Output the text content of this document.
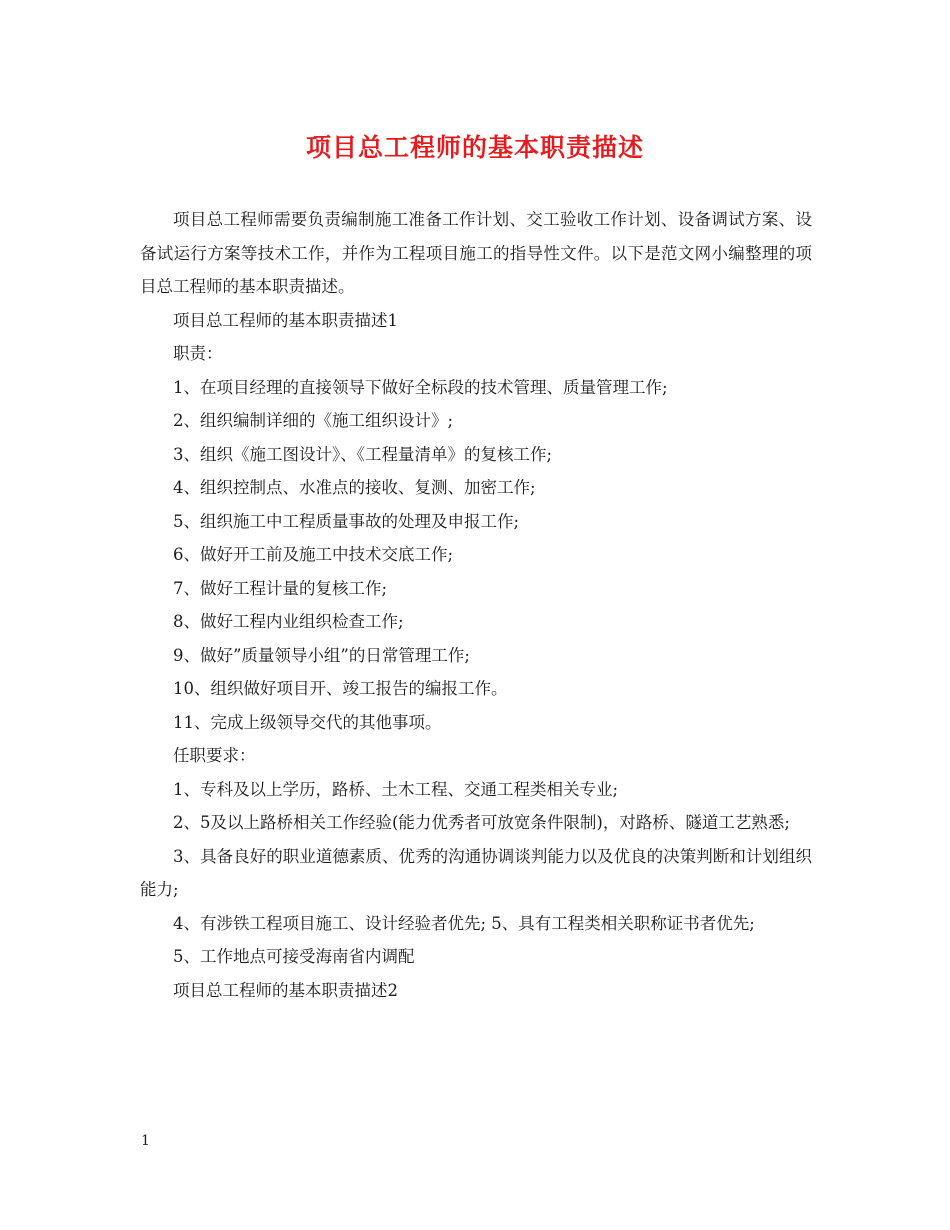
项目总工程师的基本职责描述

项目总工程师需要负责编制施工准备工作计划、交工验收工作计划、设备调试方案、设备试运行方案等技术工作，并作为工程项目施工的指导性文件。以下是范文网小编整理的项目总工程师的基本职责描述。

项目总工程师的基本职责描述1

职责：

1、在项目经理的直接领导下做好全标段的技术管理、质量管理工作;

2、组织编制详细的《施工组织设计》;

3、组织《施工图设计》、《工程量清单》的复核工作;

4、组织控制点、水准点的接收、复测、加密工作;

5、组织施工中工程质量事故的处理及申报工作;

6、做好开工前及施工中技术交底工作;

7、做好工程计量的复核工作;

8、做好工程内业组织检查工作;

9、做好”质量领导小组”的日常管理工作;

10、组织做好项目开、竣工报告的编报工作。

11、完成上级领导交代的其他事项。

任职要求：

1、专科及以上学历，路桥、土木工程、交通工程类相关专业;

2、5及以上路桥相关工作经验(能力优秀者可放宽条件限制)，对路桥、隧道工艺熟悉;

3、具备良好的职业道德素质、优秀的沟通协调谈判能力以及优良的决策判断和计划组织能力;

4、有涉铁工程项目施工、设计经验者优先; 5、具有工程类相关职称证书者优先;

5、工作地点可接受海南省内调配

项目总工程师的基本职责描述2

1
